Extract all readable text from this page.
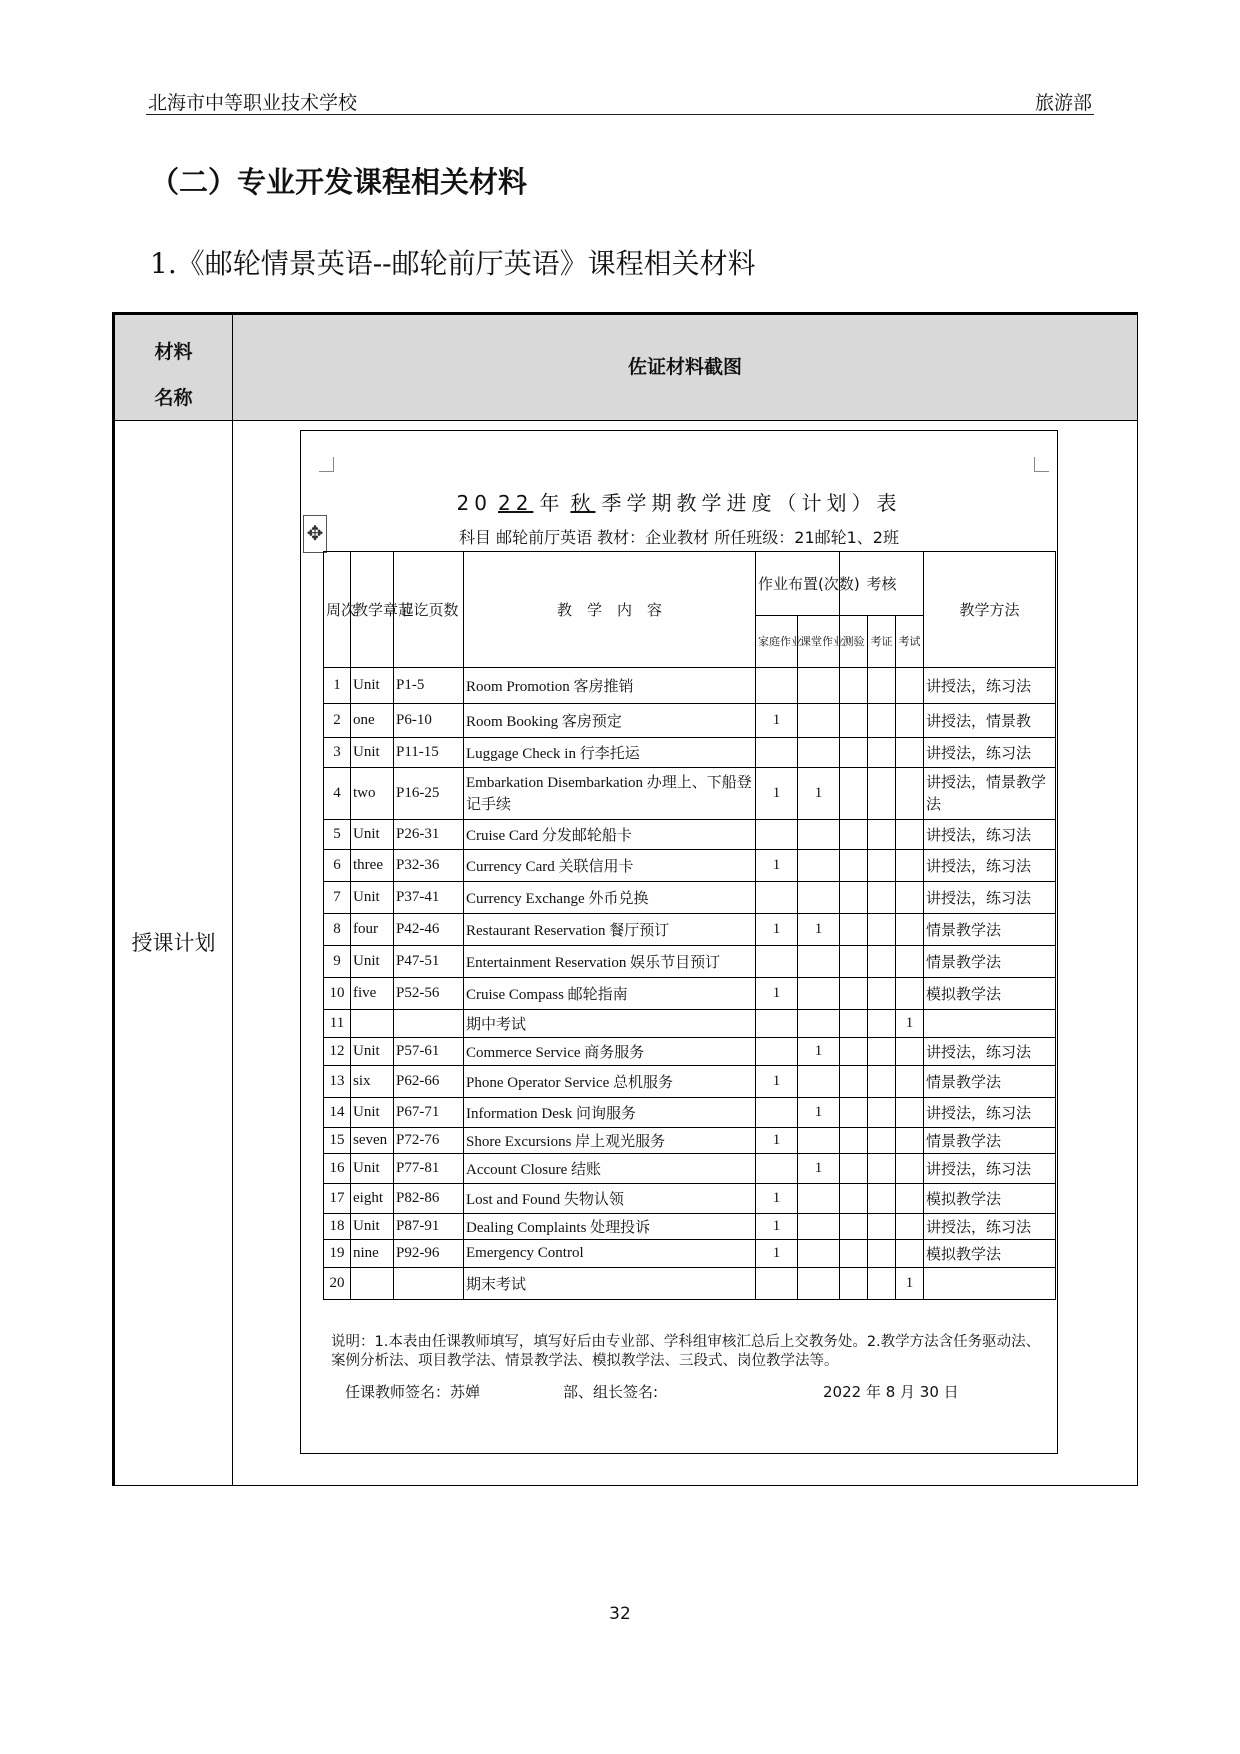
北海市中等职业技术学校	旅游部
（二）专业开发课程相关材料
1.《邮轮情景英语--邮轮前厅英语》课程相关材料
材料
名称
佐证材料截图
授课计划
✥
20 22 年 秋 季学期教学进度（计划）表
科目 邮轮前厅英语 教材：企业教材 所任班级：21邮轮1、2班
周次	教学章节	起讫页数	教　学　内　容	作业布置(次数)		考核			教学方法
				家庭作业	课堂作业	测验	考证	考试	
1	Unit	P1-5	Room Promotion 客房推销						讲授法，练习法
2	one	P6-10	Room Booking 客房预定	1					讲授法，情景教
3	Unit	P11-15	Luggage Check in 行李托运						讲授法，练习法
4	two	P16-25	Embarkation Disembarkation 办理上、下船登记手续	1	1				讲授法，情景教学法
5	Unit	P26-31	Cruise Card 分发邮轮船卡						讲授法，练习法
6	three	P32-36	Currency Card 关联信用卡	1					讲授法，练习法
7	Unit	P37-41	Currency Exchange 外币兑换						讲授法，练习法
8	four	P42-46	Restaurant Reservation 餐厅预订	1	1				情景教学法
9	Unit	P47-51	Entertainment Reservation 娱乐节目预订						情景教学法
10	five	P52-56	Cruise Compass 邮轮指南	1					模拟教学法
11			期中考试					1	
12	Unit	P57-61	Commerce Service 商务服务		1				讲授法，练习法
13	six	P62-66	Phone Operator Service 总机服务	1					情景教学法
14	Unit	P67-71	Information Desk 问询服务		1				讲授法，练习法
15	seven	P72-76	Shore Excursions 岸上观光服务	1					情景教学法
16	Unit	P77-81	Account Closure 结账		1				讲授法，练习法
17	eight	P82-86	Lost and Found 失物认领	1					模拟教学法
18	Unit	P87-91	Dealing Complaints 处理投诉	1					讲授法，练习法
19	nine	P92-96	Emergency Control	1					模拟教学法
20			期末考试					1	
说明：1.本表由任课教师填写，填写好后由专业部、学科组审核汇总后上交教务处。2.教学方法含任务驱动法、案例分析法、项目教学法、情景教学法、模拟教学法、三段式、岗位教学法等。
任课教师签名：苏婵	部、组长签名:	2022 年 8 月 30 日
32
